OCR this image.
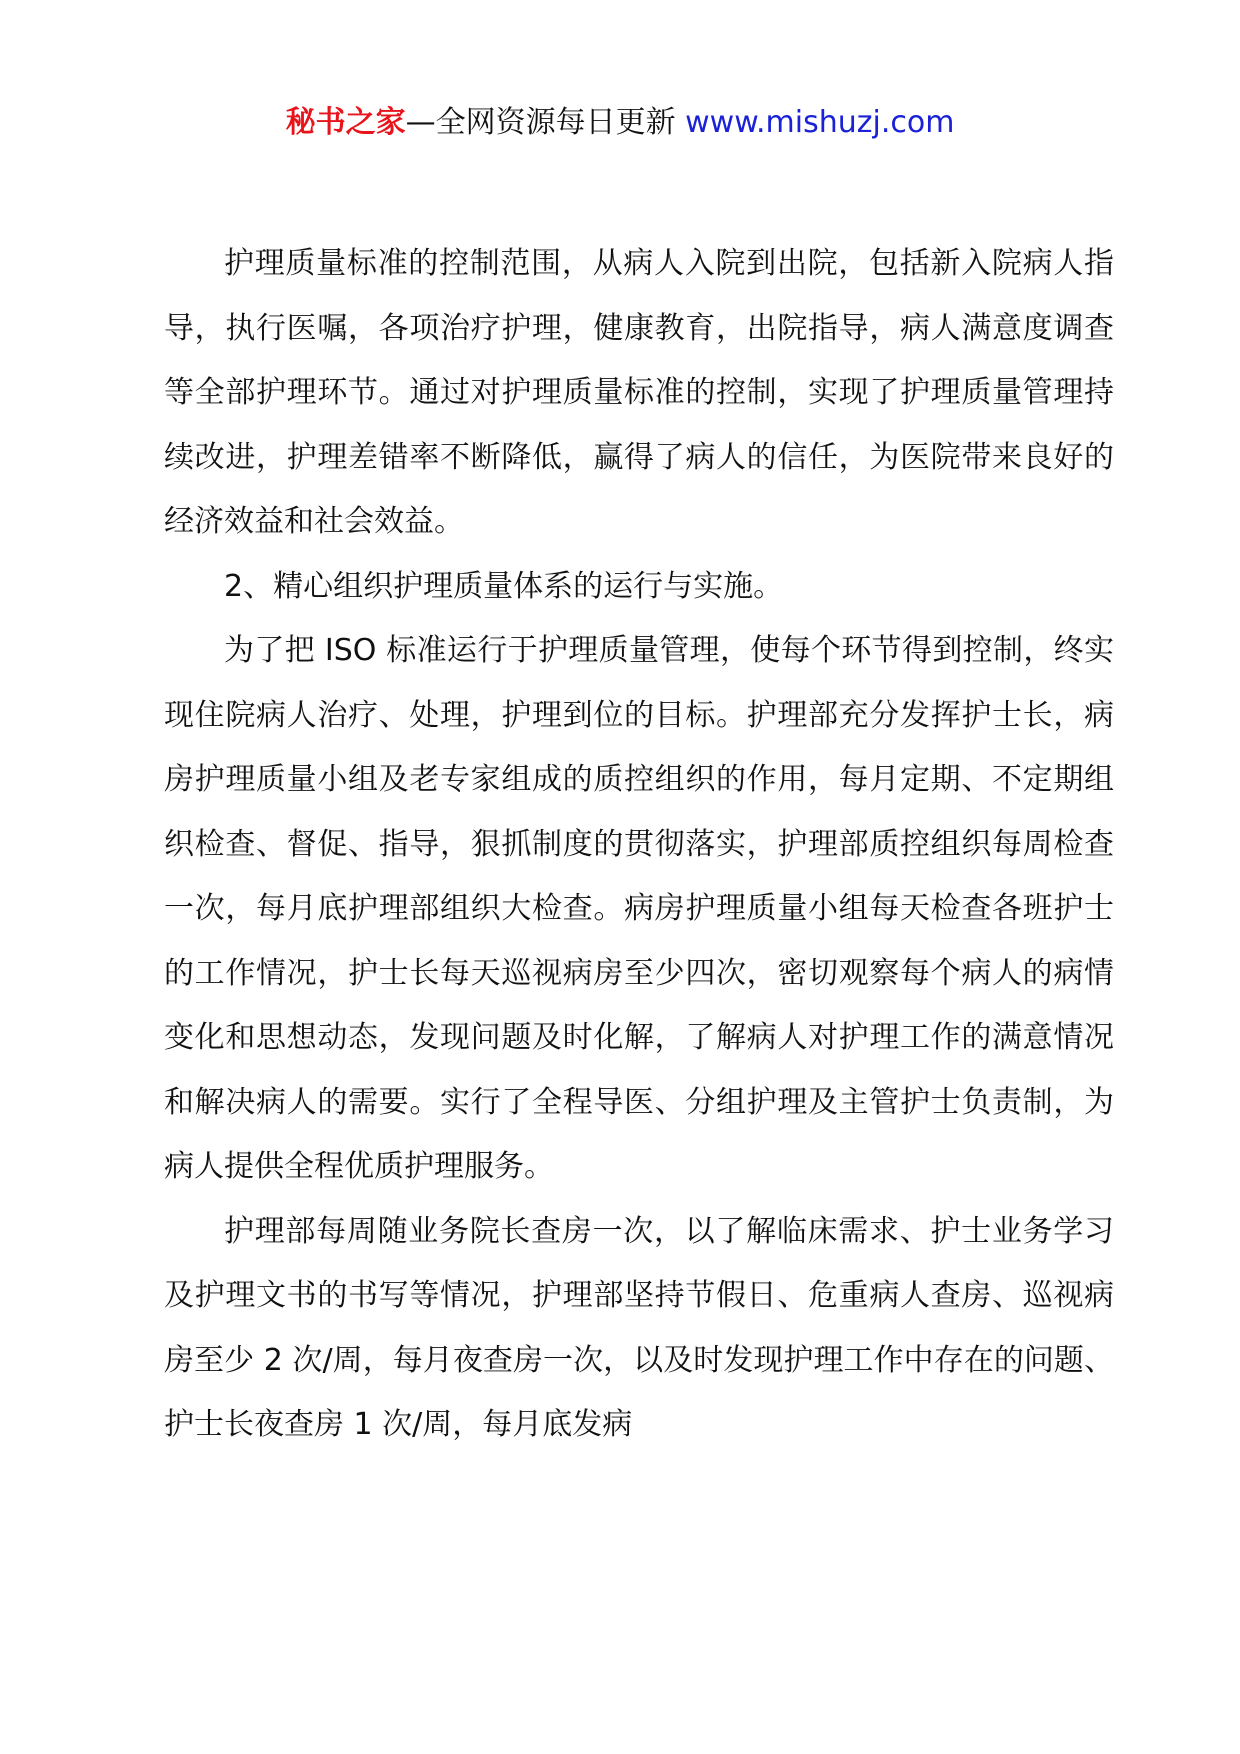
秘书之家—全网资源每日更新 www.mishuzj.com

护理质量标准的控制范围，从病人入院到出院，包括新入院病人指导，执行医嘱，各项治疗护理，健康教育，出院指导，病人满意度调查等全部护理环节。通过对护理质量标准的控制，实现了护理质量管理持续改进，护理差错率不断降低，赢得了病人的信任，为医院带来良好的经济效益和社会效益。

2、精心组织护理质量体系的运行与实施。

为了把 ISO 标准运行于护理质量管理，使每个环节得到控制，终实现住院病人治疗、处理，护理到位的目标。护理部充分发挥护士长，病房护理质量小组及老专家组成的质控组织的作用，每月定期、不定期组织检查、督促、指导，狠抓制度的贯彻落实，护理部质控组织每周检查一次，每月底护理部组织大检查。病房护理质量小组每天检查各班护士的工作情况，护士长每天巡视病房至少四次，密切观察每个病人的病情变化和思想动态，发现问题及时化解，了解病人对护理工作的满意情况和解决病人的需要。实行了全程导医、分组护理及主管护士负责制，为病人提供全程优质护理服务。

护理部每周随业务院长查房一次，以了解临床需求、护士业务学习及护理文书的书写等情况，护理部坚持节假日、危重病人查房、巡视病房至少 2 次/周，每月夜查房一次，以及时发现护理工作中存在的问题、护士长夜查房 1 次/周，每月底发病
